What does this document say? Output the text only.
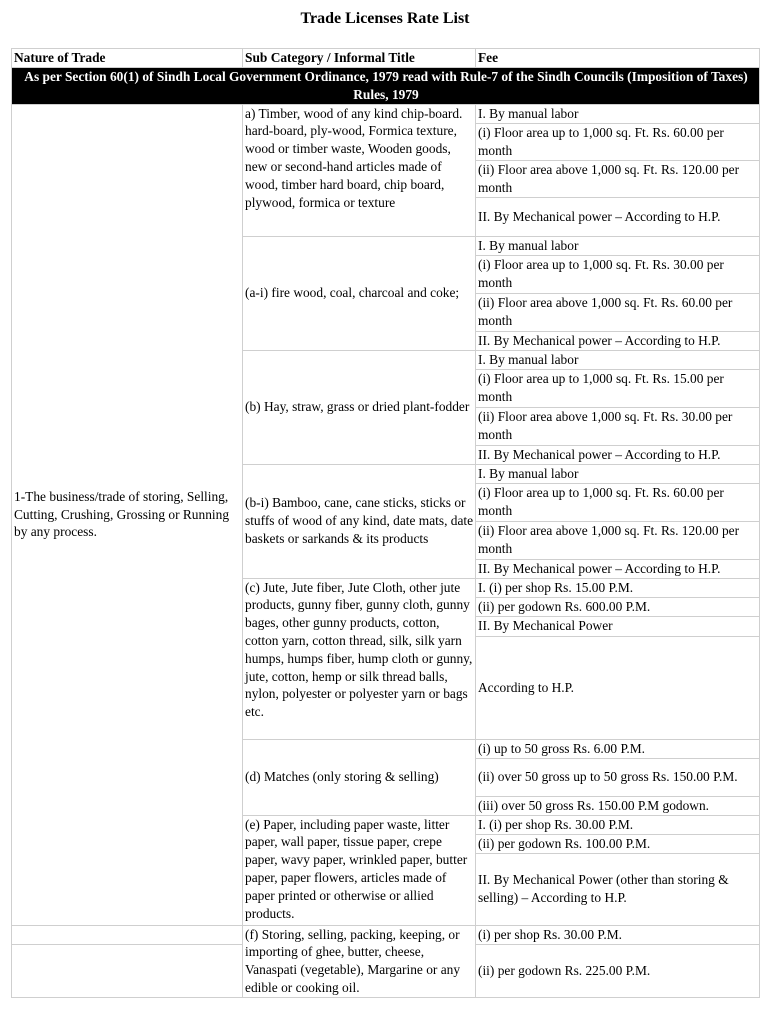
Trade Licenses Rate List
Nature of Trade	Sub Category / Informal Title	Fee
As per Section 60(1) of Sindh Local Government Ordinance, 1979 read with Rule-7 of the Sindh Councils (Imposition of Taxes) Rules, 1979		
1-The business/trade of storing, Selling, Cutting, Crushing, Grossing or Running by any process.	a) Timber, wood of any kind chip-board. hard-board, ply-wood, Formica texture, wood or timber waste, Wooden goods, new or second-hand articles made of wood, timber hard board, chip board, plywood, formica or texture	I. By manual labor
		(i) Floor area up to 1,000 sq. Ft. Rs. 60.00 per month
		(ii) Floor area above 1,000 sq. Ft. Rs. 120.00 per month
		II. By Mechanical power – According to H.P.
	(a-i) fire wood, coal, charcoal and coke;	I. By manual labor
		(i) Floor area up to 1,000 sq. Ft. Rs. 30.00 per month
		(ii) Floor area above 1,000 sq. Ft. Rs. 60.00 per month
		II. By Mechanical power – According to H.P.
	(b) Hay, straw, grass or dried plant-fodder	I. By manual labor
		(i) Floor area up to 1,000 sq. Ft. Rs. 15.00 per month
		(ii) Floor area above 1,000 sq. Ft. Rs. 30.00 per month
		II. By Mechanical power – According to H.P.
	(b-i) Bamboo, cane, cane sticks, sticks or stuffs of wood of any kind, date mats, date baskets or sarkands & its products	I. By manual labor
		(i) Floor area up to 1,000 sq. Ft. Rs. 60.00 per month
		(ii) Floor area above 1,000 sq. Ft. Rs. 120.00 per month
		II. By Mechanical power – According to H.P.
	(c) Jute, Jute fiber, Jute Cloth, other jute products, gunny fiber, gunny cloth, gunny bages, other gunny products, cotton, cotton yarn, cotton thread, silk, silk yarn humps, humps fiber, hump cloth or gunny, jute, cotton, hemp or silk thread balls, nylon, polyester or polyester yarn or bags etc.	I. (i) per shop Rs. 15.00 P.M.
		(ii) per godown Rs. 600.00 P.M.
		II. By Mechanical Power
		According to H.P.
	(d) Matches (only storing & selling)	(i) up to 50 gross Rs. 6.00 P.M.
		(ii) over 50 gross up to 50 gross Rs. 150.00 P.M.
		(iii) over 50 gross Rs. 150.00 P.M godown.
	(e) Paper, including paper waste, litter paper, wall paper, tissue paper, crepe paper, wavy paper, wrinkled paper, butter paper, paper flowers, articles made of paper printed or otherwise or allied products.	I. (i) per shop Rs. 30.00 P.M.
		(ii) per godown Rs. 100.00 P.M.
		II. By Mechanical Power (other than storing & selling) – According to H.P.
	(f) Storing, selling, packing, keeping, or importing of ghee, butter, cheese, Vanaspati (vegetable), Margarine or any edible or cooking oil.	(i) per shop Rs. 30.00 P.M.
		(ii) per godown Rs. 225.00 P.M.
